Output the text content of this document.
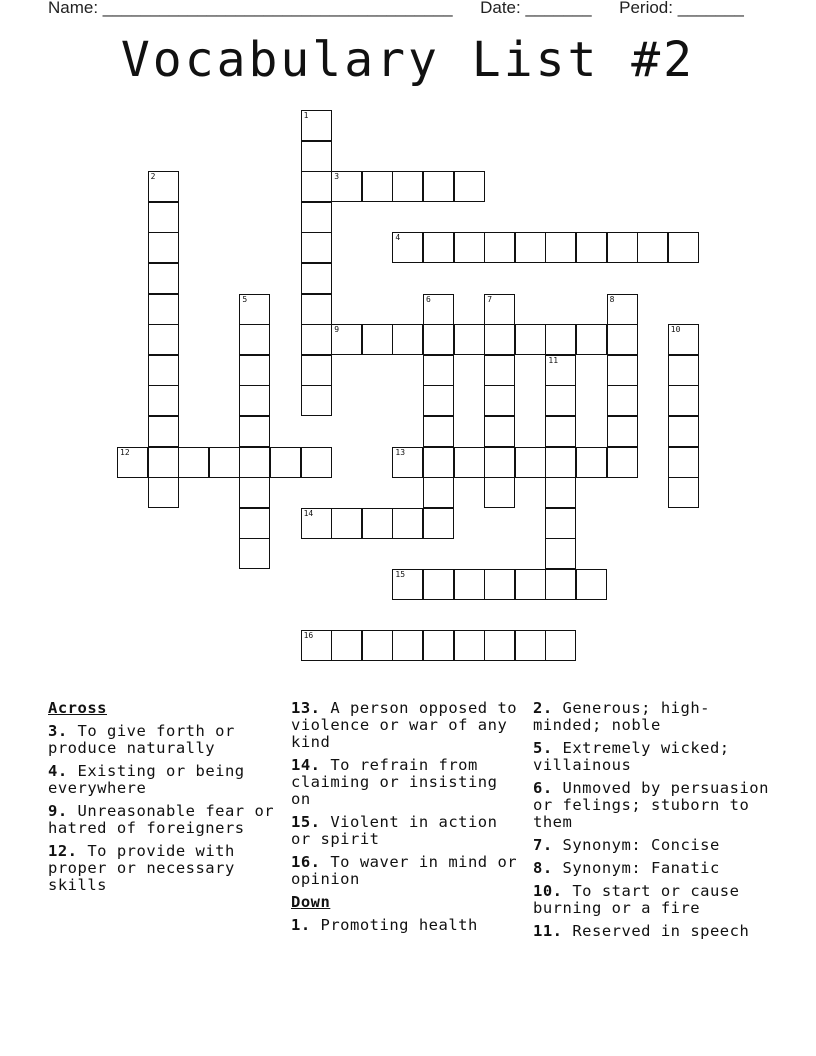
Name: _____________________________________ Date: _______ Period: _______
Vocabulary List #2
3
4
9
12	13
14
15
16
1
2
5	6	7	8
10
11
Across
3. To give forth or produce naturally
4. Existing or being everywhere
9. Unreasonable fear or hatred of foreigners
12. To provide with proper or necessary skills
13. A person opposed to violence or war of any kind
14. To refrain from claiming or insisting on
15. Violent in action or spirit
16. To waver in mind or opinion
Down
1. Promoting health
2. Generous; high-minded; noble
5. Extremely wicked; villainous
6. Unmoved by persuasion or felings; stuborn to them
7. Synonym: Concise
8. Synonym: Fanatic
10. To start or cause burning or a fire
11. Reserved in speech
